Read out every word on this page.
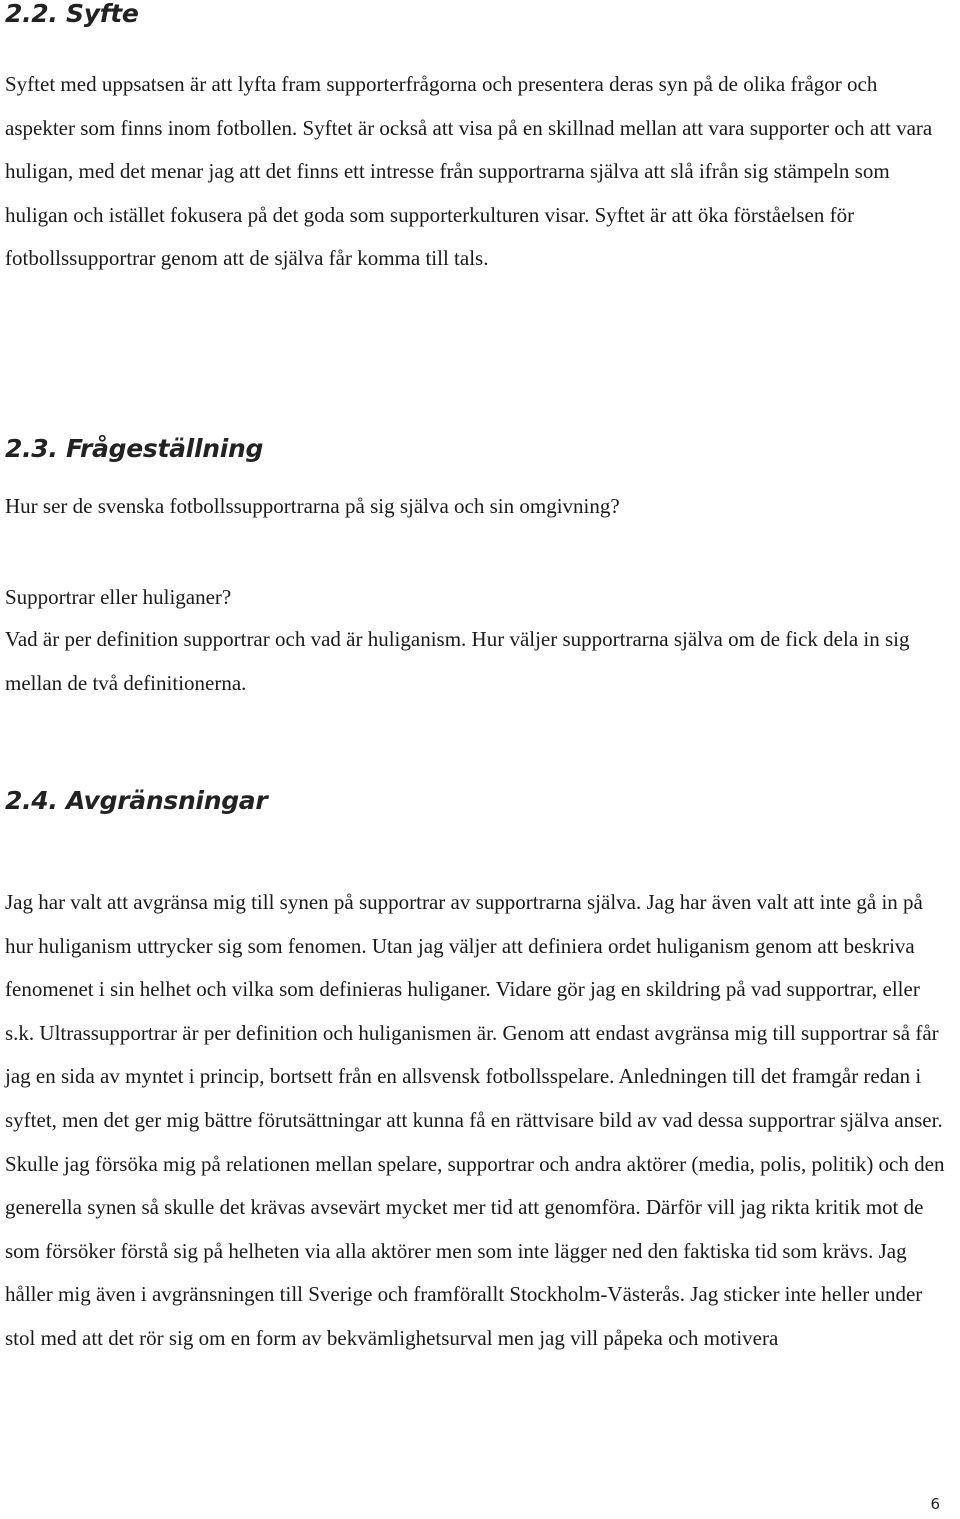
2.2. Syfte

Syftet med uppsatsen är att lyfta fram supporterfrågorna och presentera deras syn på de olika frågor och aspekter som finns inom fotbollen. Syftet är också att visa på en skillnad mellan att vara supporter och att vara huligan, med det menar jag att det finns ett intresse från supportrarna själva att slå ifrån sig stämpeln som huligan och istället fokusera på det goda som supporterkulturen visar. Syftet är att öka förståelsen för fotbollssupportrar genom att de själva får komma till tals.

2.3. Frågeställning

Hur ser de svenska fotbollssupportrarna på sig själva och sin omgivning?

Supportrar eller huliganer?

Vad är per definition supportrar och vad är huliganism. Hur väljer supportrarna själva om de fick dela in sig mellan de två definitionerna.

2.4. Avgränsningar

Jag har valt att avgränsa mig till synen på supportrar av supportrarna själva. Jag har även valt att inte gå in på hur huliganism uttrycker sig som fenomen. Utan jag väljer att definiera ordet huliganism genom att beskriva fenomenet i sin helhet och vilka som definieras huliganer. Vidare gör jag en skildring på vad supportrar, eller s.k. Ultrassupportrar är per definition och huliganismen är. Genom att endast avgränsa mig till supportrar så får jag en sida av myntet i princip, bortsett från en allsvensk fotbollsspelare. Anledningen till det framgår redan i syftet, men det ger mig bättre förutsättningar att kunna få en rättvisare bild av vad dessa supportrar själva anser. Skulle jag försöka mig på relationen mellan spelare, supportrar och andra aktörer (media, polis, politik) och den generella synen så skulle det krävas avsevärt mycket mer tid att genomföra. Därför vill jag rikta kritik mot de som försöker förstå sig på helheten via alla aktörer men som inte lägger ned den faktiska tid som krävs. Jag håller mig även i avgränsningen till Sverige och framförallt Stockholm-Västerås. Jag sticker inte heller under stol med att det rör sig om en form av bekvämlighetsurval men jag vill påpeka och motivera

6
